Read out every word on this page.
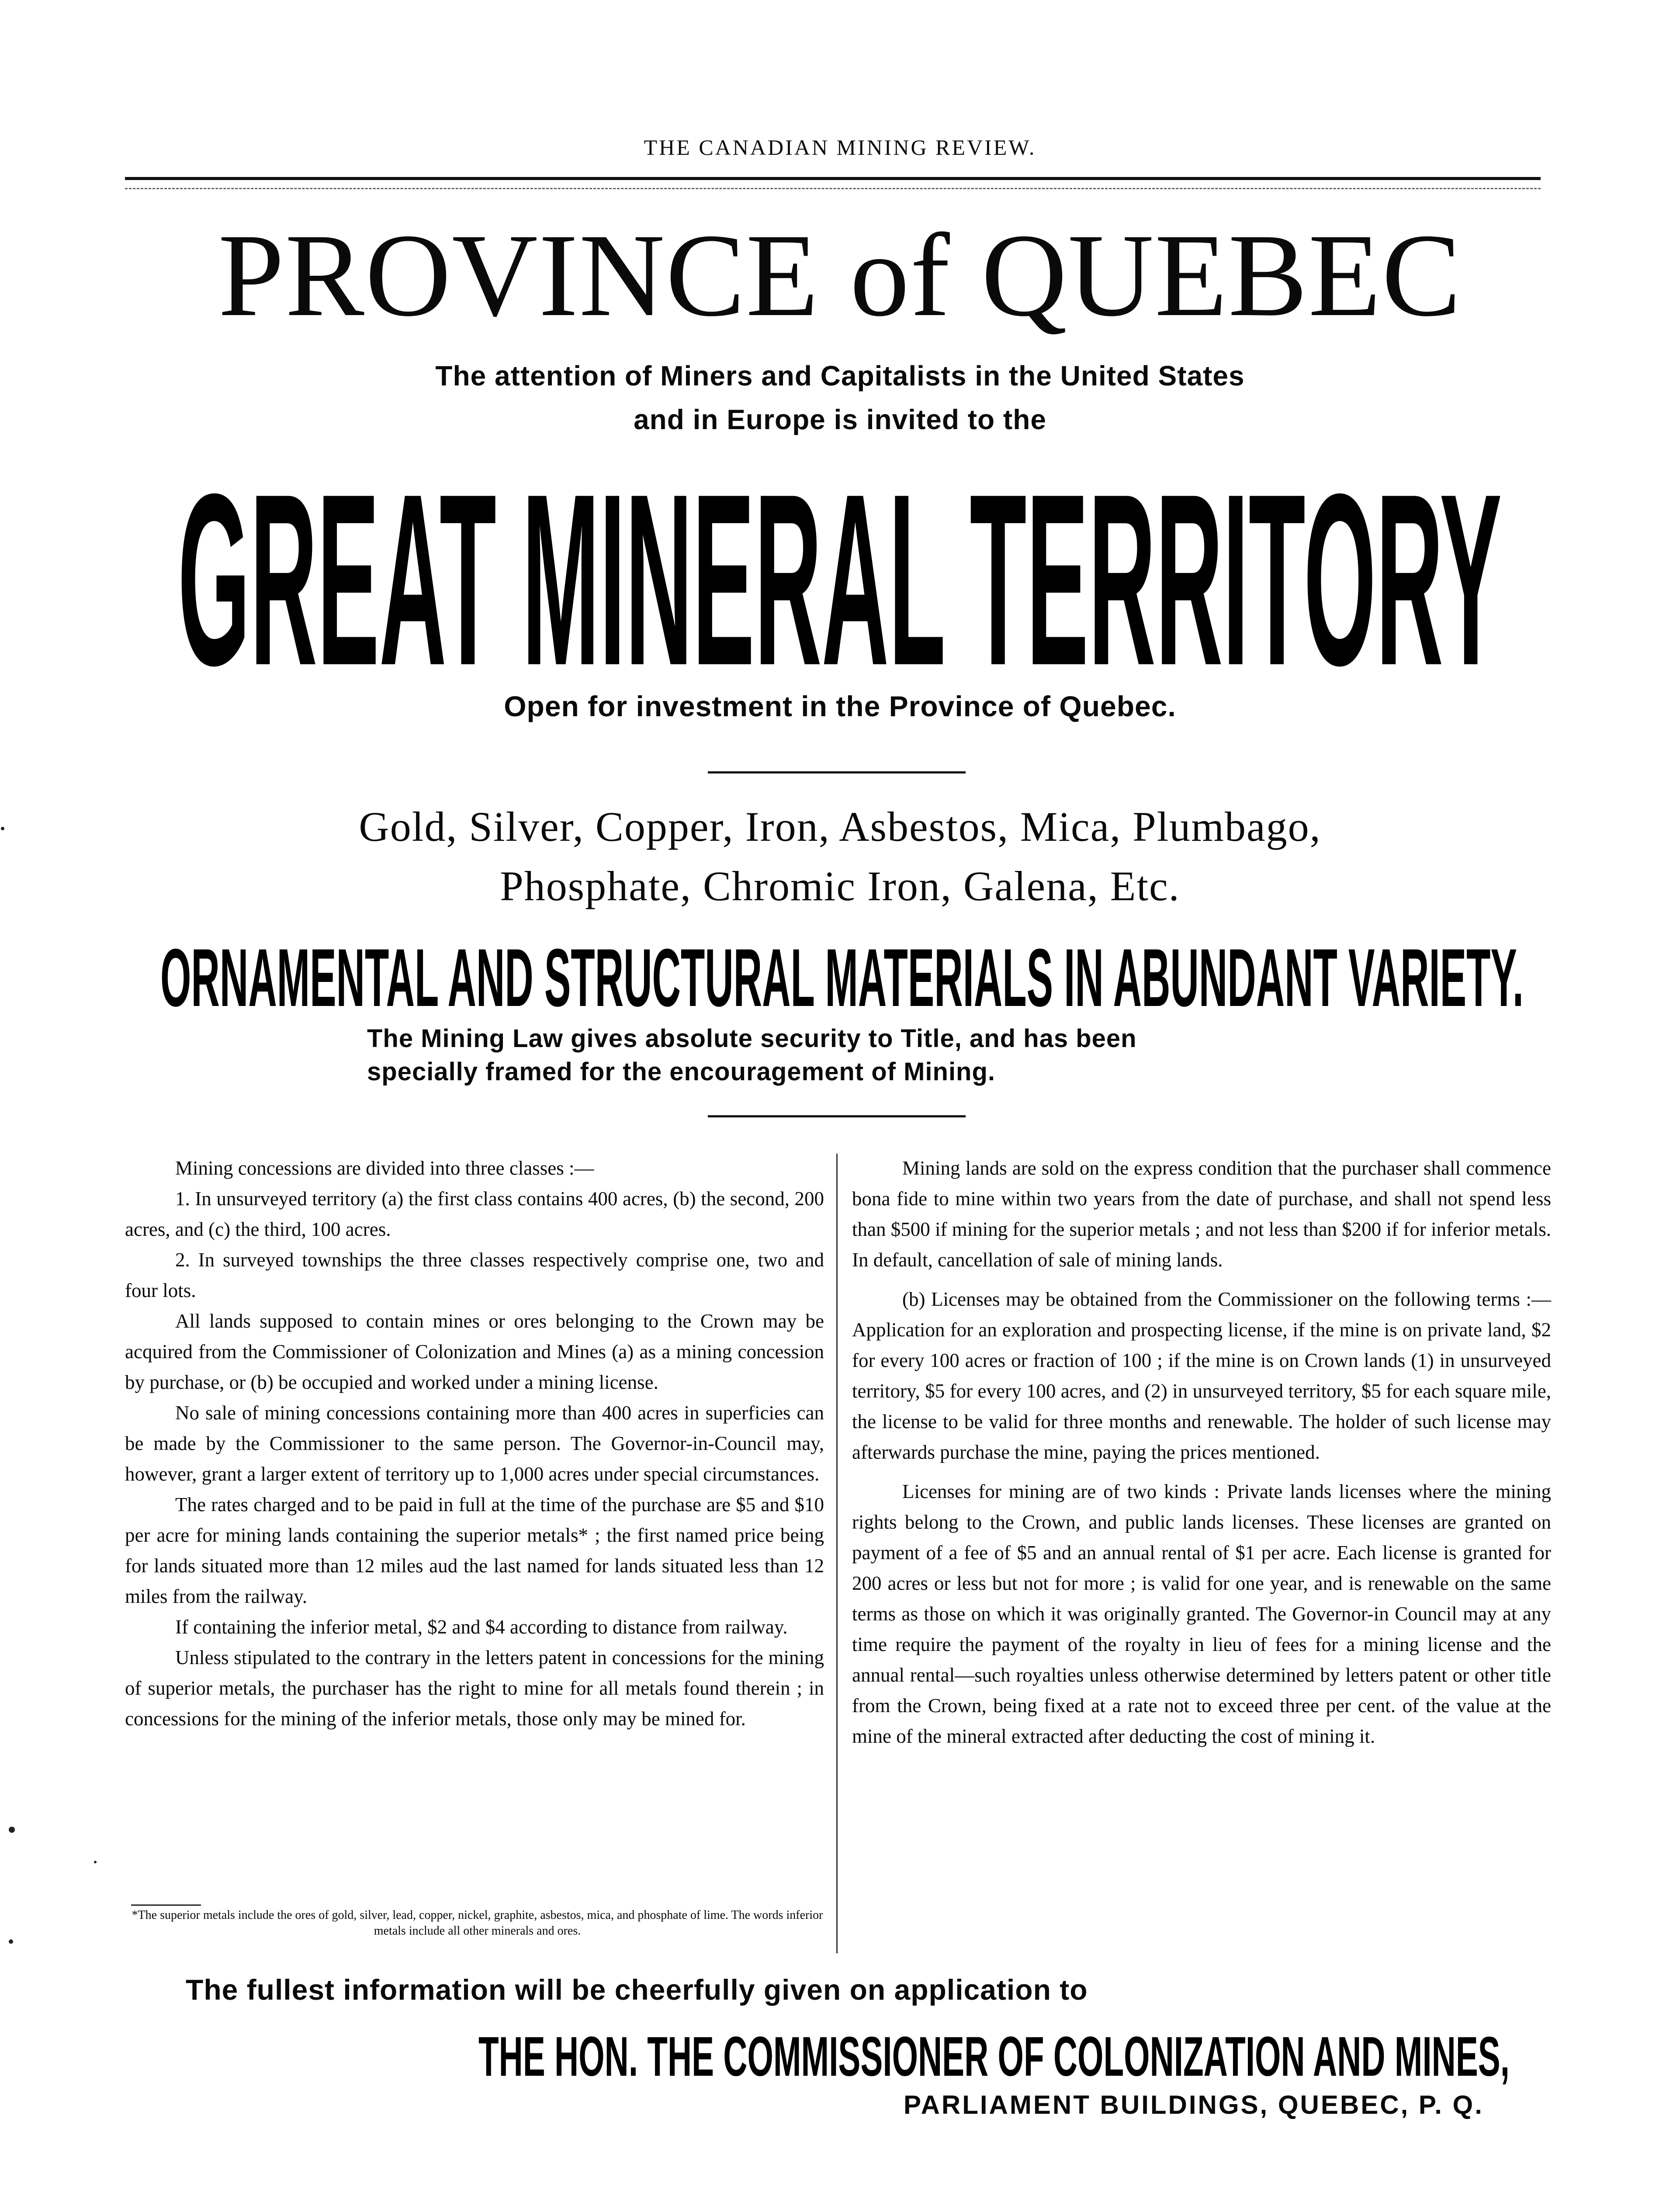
THE CANADIAN MINING REVIEW.
PROVINCE of QUEBEC
The attention of Miners and Capitalists in the United States
and in Europe is invited to the
GREAT MINERAL TERRITORY
Open for investment in the Province of Quebec.
Gold, Silver, Copper, Iron, Asbestos, Mica, Plumbago,
Phosphate, Chromic Iron, Galena, Etc.
ORNAMENTAL AND STRUCTURAL MATERIALS IN ABUNDANT VARIETY.
The Mining Law gives absolute security to Title, and has been
specially framed for the encouragement of Mining.

Mining concessions are divided into three classes :—

1. In unsurveyed territory (a) the first class contains 400 acres, (b) the second, 200 acres, and (c) the third, 100 acres.

2. In surveyed townships the three classes respectively comprise one, two and four lots.

All lands supposed to contain mines or ores belonging to the Crown may be acquired from the Commissioner of Colonization and Mines (a) as a mining concession by purchase, or (b) be occupied and worked under a mining license.

No sale of mining concessions containing more than 400 acres in superficies can be made by the Commissioner to the same person. The Governor-in-Council may, however, grant a larger extent of territory up to 1,000 acres under special circumstances.

The rates charged and to be paid in full at the time of the purchase are $5 and $10 per acre for mining lands containing the superior metals* ; the first named price being for lands situated more than 12 miles aud the last named for lands situated less than 12 miles from the railway.

If containing the inferior metal, $2 and $4 according to distance from railway.

Unless stipulated to the contrary in the letters patent in concessions for the mining of superior metals, the purchaser has the right to mine for all metals found therein ; in concessions for the mining of the inferior metals, those only may be mined for.

Mining lands are sold on the express condition that the purchaser shall commence bona fide to mine within two years from the date of purchase, and shall not spend less than $500 if mining for the superior metals ; and not less than $200 if for inferior metals. In default, cancellation of sale of mining lands.

(b) Licenses may be obtained from the Commissioner on the following terms :—Application for an exploration and prospecting license, if the mine is on private land, $2 for every 100 acres or fraction of 100 ; if the mine is on Crown lands (1) in unsurveyed territory, $5 for every 100 acres, and (2) in unsurveyed territory, $5 for each square mile, the license to be valid for three months and renewable. The holder of such license may afterwards purchase the mine, paying the prices mentioned.

Licenses for mining are of two kinds : Private lands licenses where the mining rights belong to the Crown, and public lands licenses. These licenses are granted on payment of a fee of $5 and an annual rental of $1 per acre. Each license is granted for 200 acres or less but not for more ; is valid for one year, and is renewable on the same terms as those on which it was originally granted. The Governor-in Council may at any time require the payment of the royalty in lieu of fees for a mining license and the annual rental—such royalties unless otherwise determined by letters patent or other title from the Crown, being fixed at a rate not to exceed three per cent. of the value at the mine of the mineral extracted after deducting the cost of mining it.

*The superior metals include the ores of gold, silver, lead, copper, nickel, graphite, asbestos, mica, and phosphate of lime. The words inferior metals include all other minerals and ores.
The fullest information will be cheerfully given on application to
THE HON. THE COMMISSIONER OF COLONIZATION AND MINES,
PARLIAMENT BUILDINGS, QUEBEC, P. Q.
